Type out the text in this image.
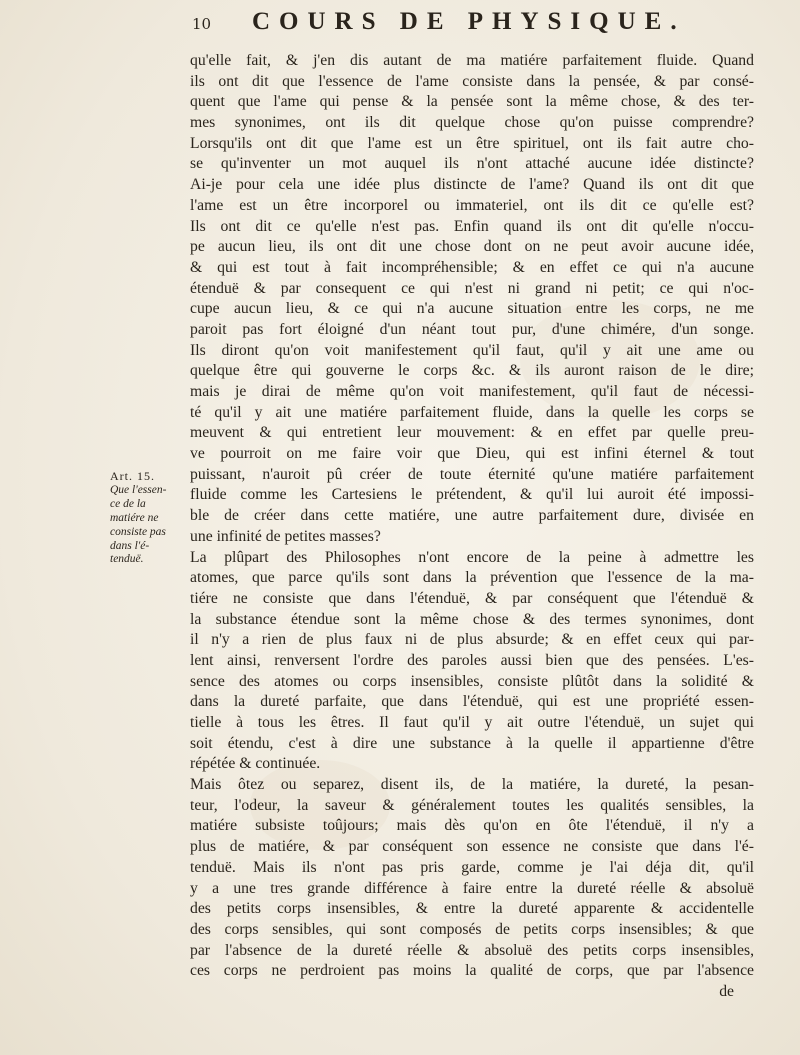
10	COURS DE PHYSIQUE.
Art. 15.
Que l'essen-
ce de la
matiére ne
consiste pas
dans l'é-
tenduë.
qu'elle fait, & j'en dis autant de ma matiére parfaitement fluide. Quand
ils ont dit que l'essence de l'ame consiste dans la pensée, & par consé-
quent que l'ame qui pense & la pensée sont la même chose, & des ter-
mes synonimes, ont ils dit quelque chose qu'on puisse comprendre?
Lorsqu'ils ont dit que l'ame est un être spirituel, ont ils fait autre cho-
se qu'inventer un mot auquel ils n'ont attaché aucune idée distincte?
Ai-je pour cela une idée plus distincte de l'ame? Quand ils ont dit que
l'ame est un être incorporel ou immateriel, ont ils dit ce qu'elle est?
Ils ont dit ce qu'elle n'est pas. Enfin quand ils ont dit qu'elle n'occu-
pe aucun lieu, ils ont dit une chose dont on ne peut avoir aucune idée,
& qui est tout à fait incompréhensible; & en effet ce qui n'a aucune
étenduë & par consequent ce qui n'est ni grand ni petit; ce qui n'oc-
cupe aucun lieu, & ce qui n'a aucune situation entre les corps, ne me
paroit pas fort éloigné d'un néant tout pur, d'une chimére, d'un songe.
Ils diront qu'on voit manifestement qu'il faut, qu'il y ait une ame ou
quelque être qui gouverne le corps &c. & ils auront raison de le dire;
mais je dirai de même qu'on voit manifestement, qu'il faut de nécessi-
té qu'il y ait une matiére parfaitement fluide, dans la quelle les corps se
meuvent & qui entretient leur mouvement: & en effet par quelle preu-
ve pourroit on me faire voir que Dieu, qui est infini éternel & tout
puissant, n'auroit pû créer de toute éternité qu'une matiére parfaitement
fluide comme les Cartesiens le prétendent, & qu'il lui auroit été impossi-
ble de créer dans cette matiére, une autre parfaitement dure, divisée en
une infinité de petites masses?
La plûpart des Philosophes n'ont encore de la peine à admettre les
atomes, que parce qu'ils sont dans la prévention que l'essence de la ma-
tiére ne consiste que dans l'étenduë, & par conséquent que l'étenduë &
la substance étendue sont la même chose & des termes synonimes, dont
il n'y a rien de plus faux ni de plus absurde; & en effet ceux qui par-
lent ainsi, renversent l'ordre des paroles aussi bien que des pensées. L'es-
sence des atomes ou corps insensibles, consiste plûtôt dans la solidité &
dans la dureté parfaite, que dans l'étenduë, qui est une propriété essen-
tielle à tous les êtres. Il faut qu'il y ait outre l'étenduë, un sujet qui
soit étendu, c'est à dire une substance à la quelle il appartienne d'être
répétée & continuée.
Mais ôtez ou separez, disent ils, de la matiére, la dureté, la pesan-
teur, l'odeur, la saveur & généralement toutes les qualités sensibles, la
matiére subsiste toûjours; mais dès qu'on en ôte l'étenduë, il n'y a
plus de matiére, & par conséquent son essence ne consiste que dans l'é-
tenduë. Mais ils n'ont pas pris garde, comme je l'ai déja dit, qu'il
y a une tres grande différence à faire entre la dureté réelle & absoluë
des petits corps insensibles, & entre la dureté apparente & accidentelle
des corps sensibles, qui sont composés de petits corps insensibles; & que
par l'absence de la dureté réelle & absoluë des petits corps insensibles,
ces corps ne perdroient pas moins la qualité de corps, que par l'absence
de
